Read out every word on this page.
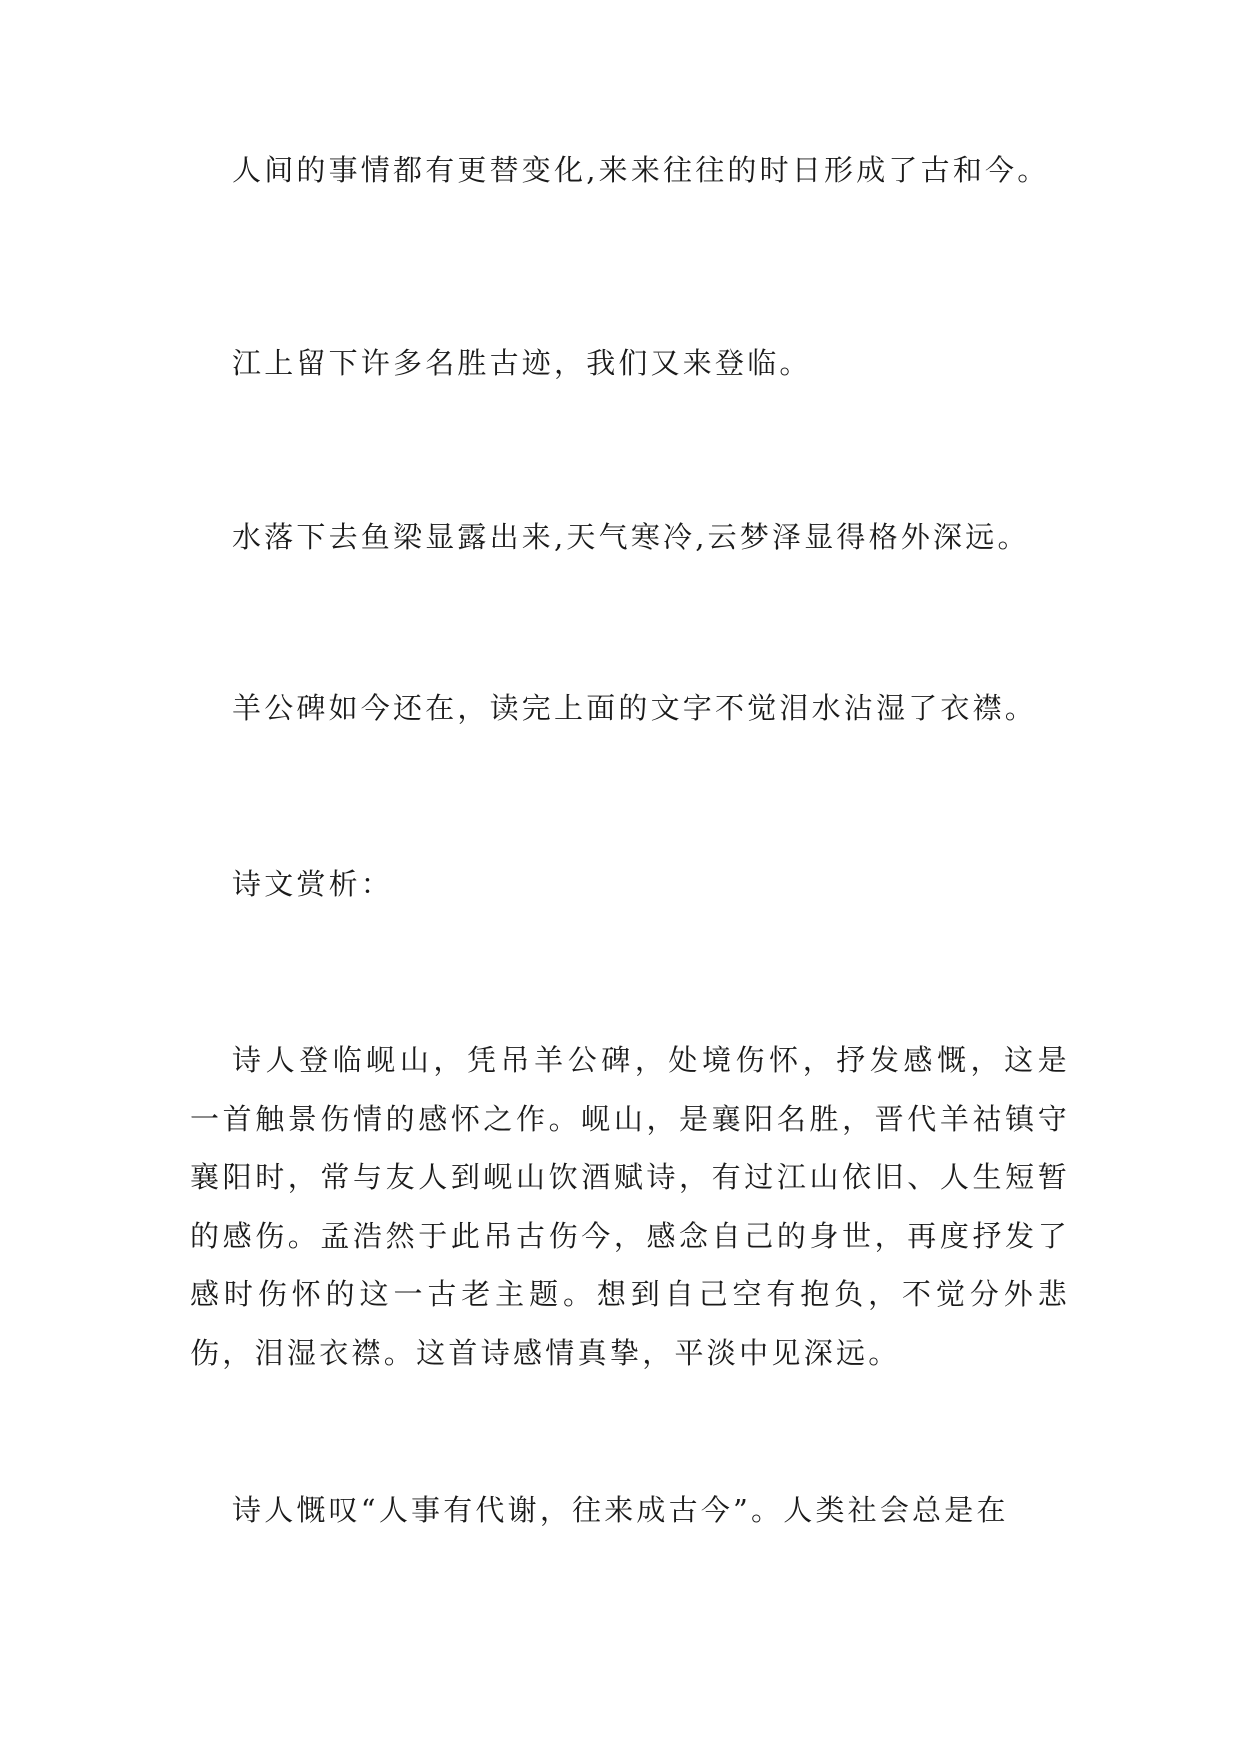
人间的事情都有更替变化,来来往往的时日形成了古和今。

江上留下许多名胜古迹，我们又来登临。

水落下去鱼梁显露出来,天气寒冷,云梦泽显得格外深远。

羊公碑如今还在，读完上面的文字不觉泪水沾湿了衣襟。

诗文赏析：

诗人登临岘山，凭吊羊公碑，处境伤怀，抒发感慨，这是一首触景伤情的感怀之作。岘山，是襄阳名胜，晋代羊祜镇守襄阳时，常与友人到岘山饮酒赋诗，有过江山依旧、人生短暂的感伤。孟浩然于此吊古伤今，感念自己的身世，再度抒发了感时伤怀的这一古老主题。想到自己空有抱负，不觉分外悲伤，泪湿衣襟。这首诗感情真挚，平淡中见深远。

诗人慨叹“人事有代谢，往来成古今”。人类社会总是在
